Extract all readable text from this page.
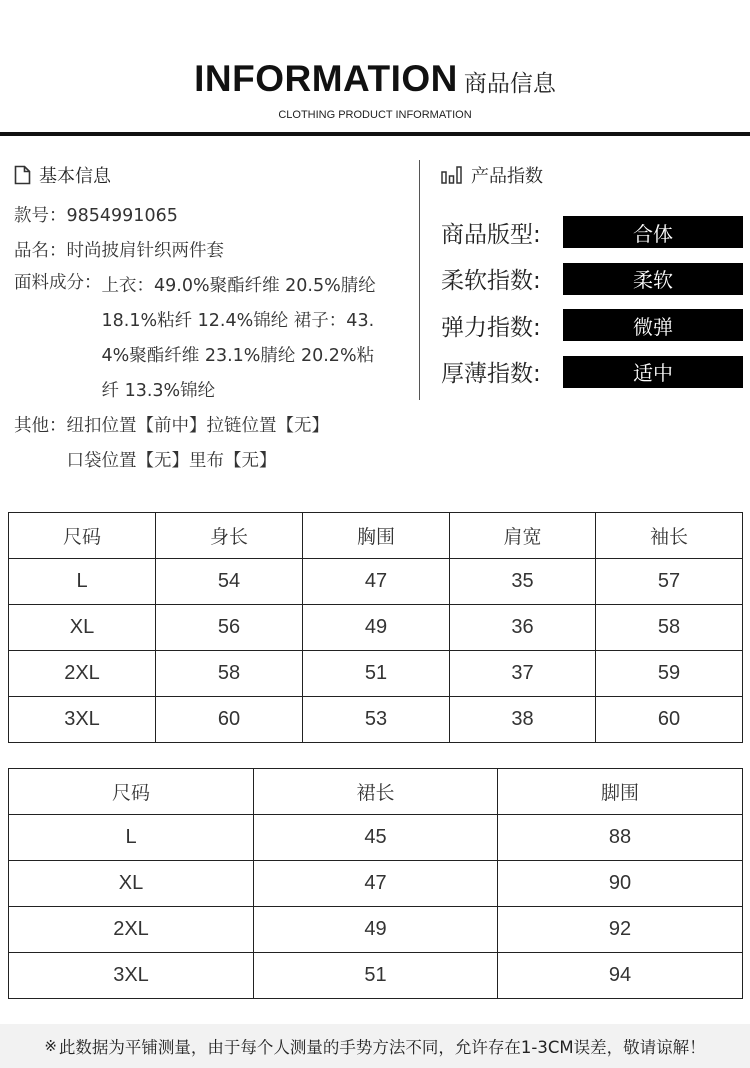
INFORMATION 商品信息
CLOTHING PRODUCT INFORMATION
基本信息
款号：9854991065
品名：时尚披肩针织两件套
面料成分： 上衣：49.0%聚酯纤维 20.5%腈纶 18.1%粘纤 12.4%锦纶 裙子：43.4%聚酯纤维 23.1%腈纶 20.2%粘纤 13.3%锦纶
其他： 纽扣位置【前中】拉链位置【无】
口袋位置【无】里布【无】
产品指数
商品版型:	合体
柔软指数:	柔软
弹力指数:	微弹
厚薄指数:	适中
尺码	身长	胸围	肩宽	袖长
L	54	47	35	57
XL	56	49	36	58
2XL	58	51	37	59
3XL	60	53	38	60
尺码	裙长	脚围
L	45	88
XL	47	90
2XL	49	92
3XL	51	94
※ 此数据为平铺测量，由于每个人测量的手势方法不同，允许存在1-3CM误差，敬请谅解！
